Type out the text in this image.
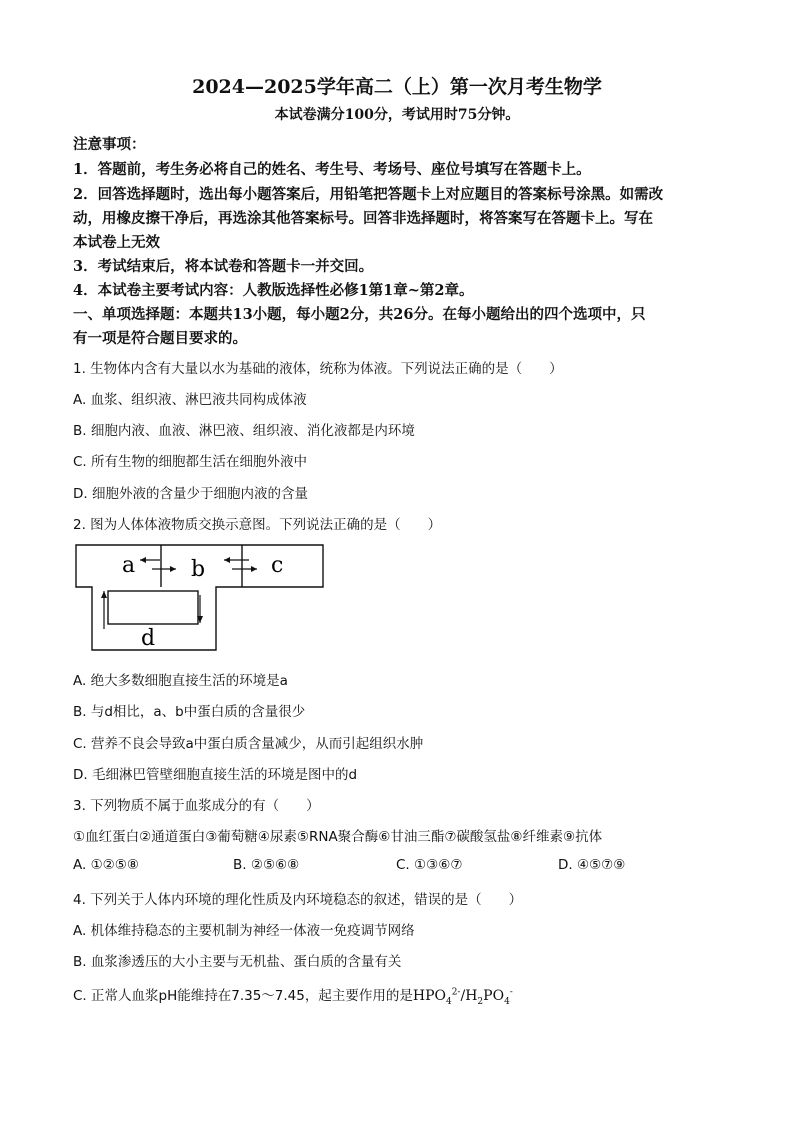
2024—2025学年高二（上）第一次月考生物学
本试卷满分100分，考试用时75分钟。
注意事项：
1．答题前，考生务必将自己的姓名、考生号、考场号、座位号填写在答题卡上。
2．回答选择题时，选出每小题答案后，用铅笔把答题卡上对应题目的答案标号涂黑。如需改
动，用橡皮擦干净后，再选涂其他答案标号。回答非选择题时，将答案写在答题卡上。写在
本试卷上无效
3．考试结束后，将本试卷和答题卡一并交回。
4．本试卷主要考试内容：人教版选择性必修1第1章~第2章。
一、单项选择题：本题共13小题，每小题2分，共26分。在每小题给出的四个选项中，只
有一项是符合题目要求的。
1. 生物体内含有大量以水为基础的液体，统称为体液。下列说法正确的是（　　）
A. 血浆、组织液、淋巴液共同构成体液
B. 细胞内液、血液、淋巴液、组织液、消化液都是内环境
C. 所有生物的细胞都生活在细胞外液中
D. 细胞外液的含量少于细胞内液的含量
2. 图为人体体液物质交换示意图。下列说法正确的是（　　）
a	b	c
d
A. 绝大多数细胞直接生活的环境是a
B. 与d相比，a、b中蛋白质的含量很少
C. 营养不良会导致a中蛋白质含量减少，从而引起组织水肿
D. 毛细淋巴管壁细胞直接生活的环境是图中的d
3. 下列物质不属于血浆成分的有（　　）
①血红蛋白②通道蛋白③葡萄糖④尿素⑤RNA聚合酶⑥甘油三酯⑦碳酸氢盐⑧纤维素⑨抗体
A. ①②⑤⑧	B. ②⑤⑥⑧	C. ①③⑥⑦	D. ④⑤⑦⑨
4. 下列关于人体内环境的理化性质及内环境稳态的叙述，错误的是（　　）
A. 机体维持稳态的主要机制为神经一体液一免疫调节网络
B. 血浆渗透压的大小主要与无机盐、蛋白质的含量有关
C. 正常人血浆pH能维持在7.35～7.45，起主要作用的是$HPO_4^{2-}/H_2PO_4^-$
